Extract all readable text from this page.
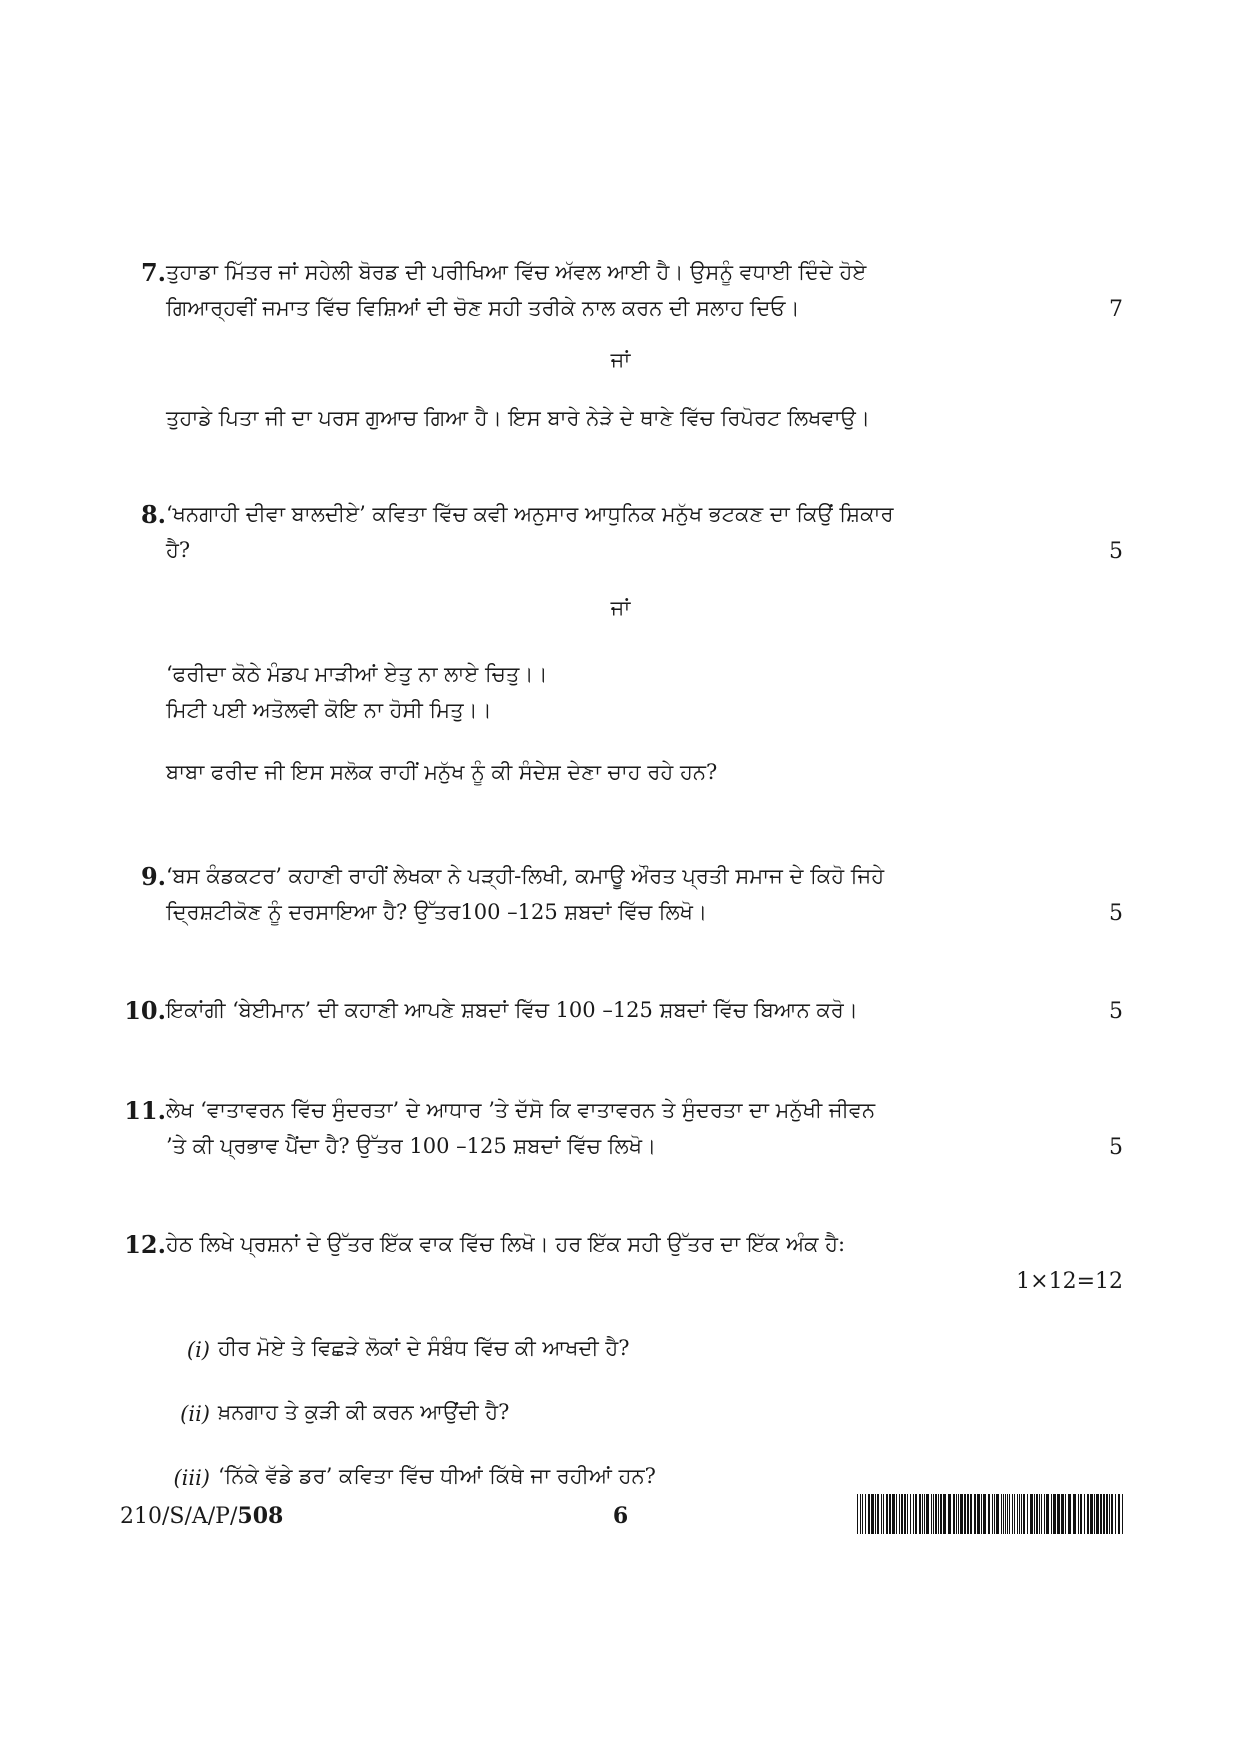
7. ਤੁਹਾਡਾ ਮਿੱਤਰ ਜਾਂ ਸਹੇਲੀ ਬੋਰਡ ਦੀ ਪਰੀਖਿਆ ਵਿੱਚ ਅੱਵਲ ਆਈ ਹੈ। ਉਸਨੂੰ ਵਧਾਈ ਦਿੰਦੇ ਹੋਏ
ਗਿਆਰ੍ਹਵੀਂ ਜਮਾਤ ਵਿੱਚ ਵਿਸ਼ਿਆਂ ਦੀ ਚੋਣ ਸਹੀ ਤਰੀਕੇ ਨਾਲ ਕਰਨ ਦੀ ਸਲਾਹ ਦਿਓ।	7
ਜਾਂ
ਤੁਹਾਡੇ ਪਿਤਾ ਜੀ ਦਾ ਪਰਸ ਗੁਆਚ ਗਿਆ ਹੈ। ਇਸ ਬਾਰੇ ਨੇੜੇ ਦੇ ਥਾਣੇ ਵਿੱਚ ਰਿਪੋਰਟ ਲਿਖਵਾਉ।
8. ‘ਖਨਗਾਹੀ ਦੀਵਾ ਬਾਲਦੀਏ’ ਕਵਿਤਾ ਵਿੱਚ ਕਵੀ ਅਨੁਸਾਰ ਆਧੁਨਿਕ ਮਨੁੱਖ ਭਟਕਣ ਦਾ ਕਿਉਂ ਸ਼ਿਕਾਰ
ਹੈ?	5
ਜਾਂ
‘ਫਰੀਦਾ ਕੋਠੇ ਮੰਡਪ ਮਾੜੀਆਂ ਏਤੁ ਨਾ ਲਾਏ ਚਿਤੁ।।
ਮਿਟੀ ਪਈ ਅਤੋਲਵੀ ਕੋਇ ਨਾ ਹੋਸੀ ਮਿਤੁ।।
ਬਾਬਾ ਫਰੀਦ ਜੀ ਇਸ ਸਲੋਕ ਰਾਹੀਂ ਮਨੁੱਖ ਨੂੰ ਕੀ ਸੰਦੇਸ਼ ਦੇਣਾ ਚਾਹ ਰਹੇ ਹਨ?
9. ‘ਬਸ ਕੰਡਕਟਰ’ ਕਹਾਣੀ ਰਾਹੀਂ ਲੇਖਕਾ ਨੇ ਪੜ੍ਹੀ-ਲਿਖੀ, ਕਮਾਊ ਔਰਤ ਪ੍ਰਤੀ ਸਮਾਜ ਦੇ ਕਿਹੋ ਜਿਹੇ
ਦ੍ਰਿਸ਼ਟੀਕੋਣ ਨੂੰ ਦਰਸਾਇਆ ਹੈ? ਉੱਤਰ100 –125 ਸ਼ਬਦਾਂ ਵਿੱਚ ਲਿਖੋ।	5
10. ਇਕਾਂਗੀ ‘ਬੇਈਮਾਨ’ ਦੀ ਕਹਾਣੀ ਆਪਣੇ ਸ਼ਬਦਾਂ ਵਿੱਚ 100 –125 ਸ਼ਬਦਾਂ ਵਿੱਚ ਬਿਆਨ ਕਰੋ।	5
11. ਲੇਖ ‘ਵਾਤਾਵਰਨ ਵਿੱਚ ਸੁੰਦਰਤਾ’ ਦੇ ਆਧਾਰ ’ਤੇ ਦੱਸੋ ਕਿ ਵਾਤਾਵਰਨ ਤੇ ਸੁੰਦਰਤਾ ਦਾ ਮਨੁੱਖੀ ਜੀਵਨ
’ਤੇ ਕੀ ਪ੍ਰਭਾਵ ਪੈਂਦਾ ਹੈ? ਉੱਤਰ 100 –125 ਸ਼ਬਦਾਂ ਵਿੱਚ ਲਿਖੋ।	5
12. ਹੇਠ ਲਿਖੇ ਪ੍ਰਸ਼ਨਾਂ ਦੇ ਉੱਤਰ ਇੱਕ ਵਾਕ ਵਿੱਚ ਲਿਖੋ। ਹਰ ਇੱਕ ਸਹੀ ਉੱਤਰ ਦਾ ਇੱਕ ਅੰਕ ਹੈ:
1×12=12
(i) ਹੀਰ ਮੋਏ ਤੇ ਵਿਛੜੇ ਲੋਕਾਂ ਦੇ ਸੰਬੰਧ ਵਿੱਚ ਕੀ ਆਖਦੀ ਹੈ?
(ii) ਖ਼ਨਗਾਹ ਤੇ ਕੁੜੀ ਕੀ ਕਰਨ ਆਉਂਦੀ ਹੈ?
(iii) ‘ਨਿੱਕੇ ਵੱਡੇ ਡਰ’ ਕਵਿਤਾ ਵਿੱਚ ਧੀਆਂ ਕਿੱਥੇ ਜਾ ਰਹੀਆਂ ਹਨ?
210/S/A/P/508	6
